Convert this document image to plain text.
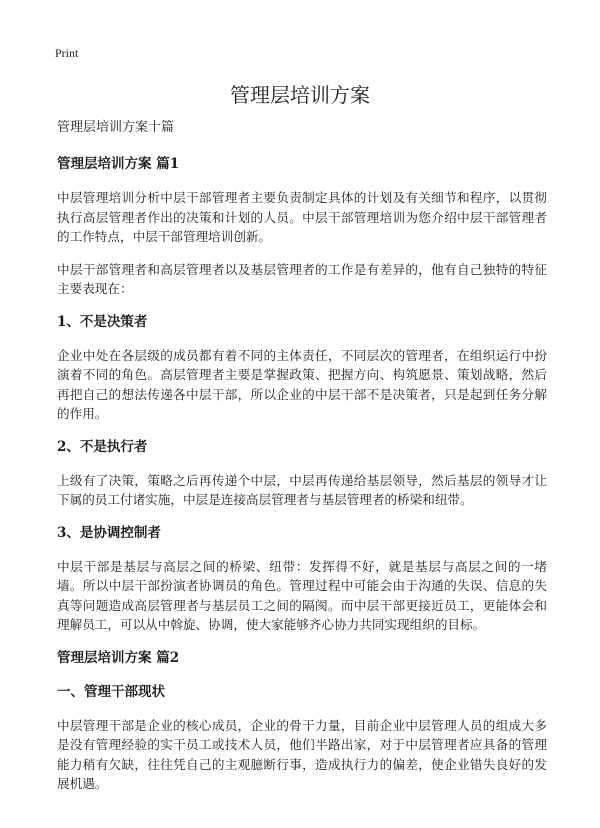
Print
管理层培训方案

管理层培训方案十篇

管理层培训方案 篇1

中层管理培训分析中层干部管理者主要负责制定具体的计划及有关细节和程序，以贯彻执行高层管理者作出的决策和计划的人员。中层干部管理培训为您介绍中层干部管理者的工作特点，中层干部管理培训创新。

中层干部管理者和高层管理者以及基层管理者的工作是有差异的，他有自己独特的特征主要表现在：

1、不是决策者

企业中处在各层级的成员都有着不同的主体责任，不同层次的管理者，在组织运行中扮演着不同的角色。高层管理者主要是掌握政策、把握方向、构筑愿景、策划战略，然后再把自己的想法传递各中层干部，所以企业的中层干部不是决策者，只是起到任务分解的作用。

2、不是执行者

上级有了决策，策略之后再传递个中层，中层再传递给基层领导，然后基层的领导才让下属的员工付诸实施，中层是连接高层管理者与基层管理者的桥梁和纽带。

3、是协调控制者

中层干部是基层与高层之间的桥梁、纽带：发挥得不好，就是基层与高层之间的一堵墙。所以中层干部扮演者协调员的角色。管理过程中可能会由于沟通的失误、信息的失真等问题造成高层管理者与基层员工之间的隔阂。而中层干部更接近员工，更能体会和理解员工，可以从中斡旋、协调，使大家能够齐心协力共同实现组织的目标。

管理层培训方案 篇2

一、管理干部现状

中层管理干部是企业的核心成员，企业的骨干力量，目前企业中层管理人员的组成大多是没有管理经验的实干员工或技术人员，他们半路出家，对于中层管理者应具备的管理能力稍有欠缺，往往凭自己的主观臆断行事，造成执行力的偏差，使企业错失良好的发展机遇。
